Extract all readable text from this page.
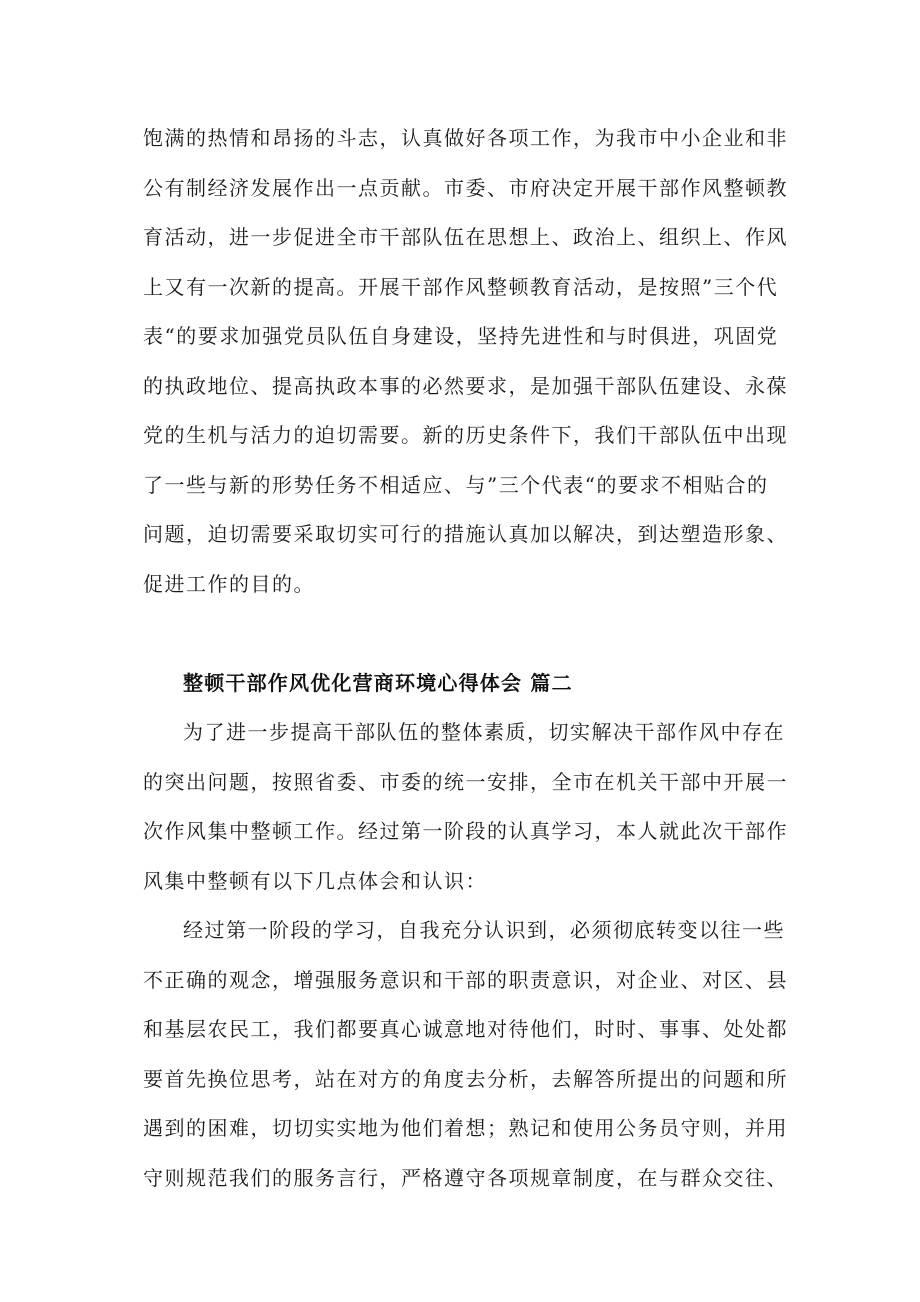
饱满的热情和昂扬的斗志，认真做好各项工作，为我市中小企业和非

公有制经济发展作出一点贡献。市委、市府决定开展干部作风整顿教

育活动，进一步促进全市干部队伍在思想上、政治上、组织上、作风

上又有一次新的提高。开展干部作风整顿教育活动，是按照”三个代

表“的要求加强党员队伍自身建设，坚持先进性和与时俱进，巩固党

的执政地位、提高执政本事的必然要求，是加强干部队伍建设、永葆

党的生机与活力的迫切需要。新的历史条件下，我们干部队伍中出现

了一些与新的形势任务不相适应、与”三个代表“的要求不相贴合的

问题，迫切需要采取切实可行的措施认真加以解决，到达塑造形象、

促进工作的目的。

整顿干部作风优化营商环境心得体会 篇二

为了进一步提高干部队伍的整体素质，切实解决干部作风中存在

的突出问题，按照省委、市委的统一安排，全市在机关干部中开展一

次作风集中整顿工作。经过第一阶段的认真学习，本人就此次干部作

风集中整顿有以下几点体会和认识：

经过第一阶段的学习，自我充分认识到，必须彻底转变以往一些

不正确的观念，增强服务意识和干部的职责意识，对企业、对区、县

和基层农民工，我们都要真心诚意地对待他们，时时、事事、处处都

要首先换位思考，站在对方的角度去分析，去解答所提出的问题和所

遇到的困难，切切实实地为他们着想；熟记和使用公务员守则，并用

守则规范我们的服务言行，严格遵守各项规章制度，在与群众交往、
